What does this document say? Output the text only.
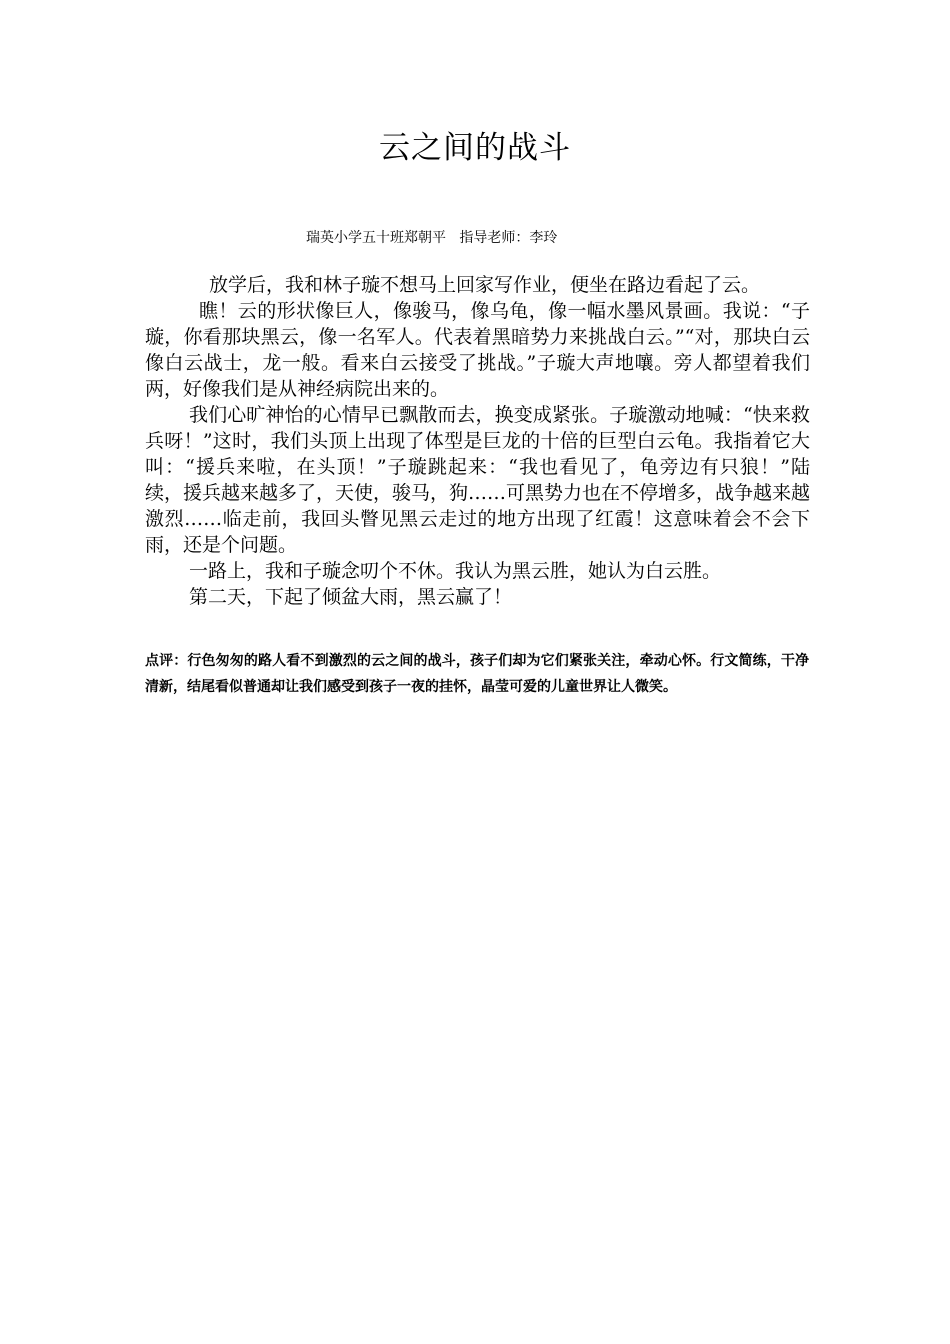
云之间的战斗
瑞英小学五十班郑朝平   指导老师：李玲

放学后，我和林子璇不想马上回家写作业，便坐在路边看起了云。

瞧！云的形状像巨人，像骏马，像乌龟，像一幅水墨风景画。我说：“子璇，你看那块黑云，像一名军人。代表着黑暗势力来挑战白云。”“对，那块白云像白云战士，龙一般。看来白云接受了挑战。”子璇大声地嚷。旁人都望着我们两，好像我们是从神经病院出来的。

我们心旷神怡的心情早已飘散而去，换变成紧张。子璇激动地喊：“快来救兵呀！”这时，我们头顶上出现了体型是巨龙的十倍的巨型白云龟。我指着它大叫：“援兵来啦，在头顶！”子璇跳起来：“我也看见了，龟旁边有只狼！”陆续，援兵越来越多了，天使，骏马，狗……可黑势力也在不停增多，战争越来越激烈……临走前，我回头瞥见黑云走过的地方出现了红霞！这意味着会不会下雨，还是个问题。

一路上，我和子璇念叨个不休。我认为黑云胜，她认为白云胜。

第二天，下起了倾盆大雨，黑云赢了！

点评：行色匆匆的路人看不到激烈的云之间的战斗，孩子们却为它们紧张关注，牵动心怀。行文简练，干净清新，结尾看似普通却让我们感受到孩子一夜的挂怀，晶莹可爱的儿童世界让人微笑。
